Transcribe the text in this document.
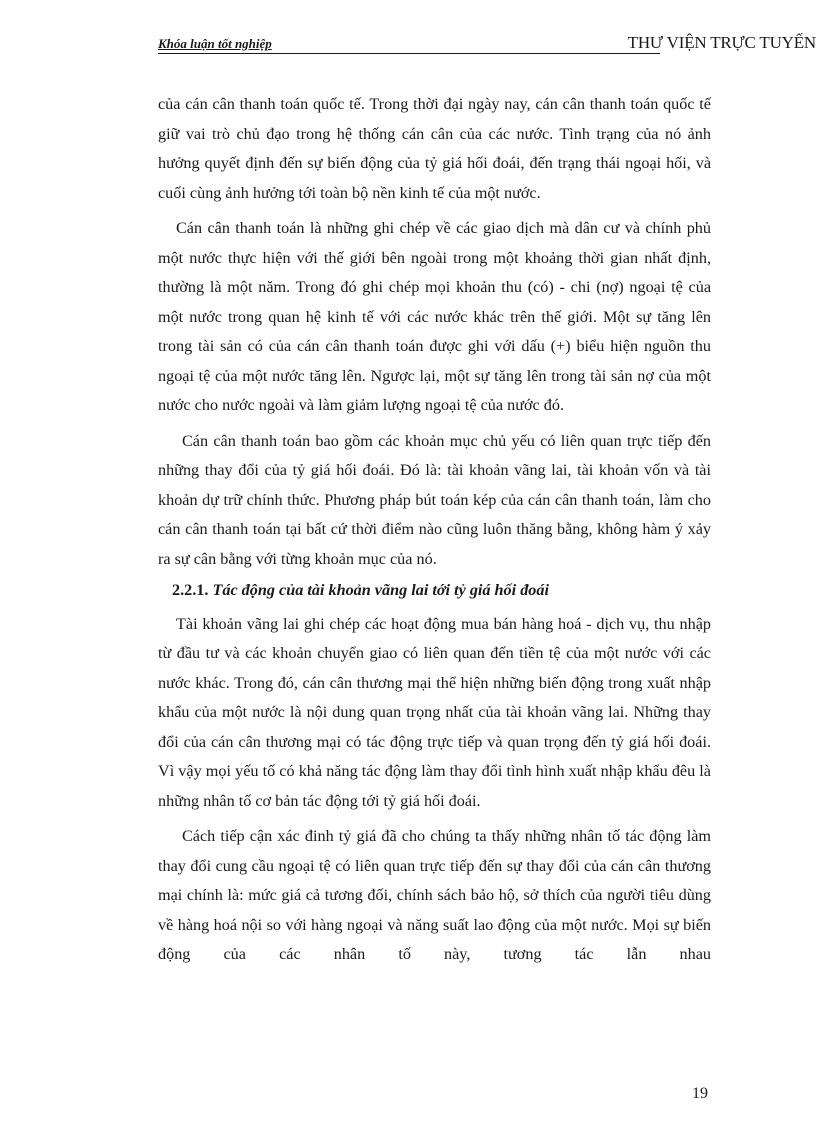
Khóa luận tốt nghiệp	THƯ VIỆN TRỰC TUYẾN

của cán cân thanh toán quốc tế. Trong thời đại ngày nay, cán cân thanh toán quốc tế giữ vai trò chủ đạo trong hệ thống cán cân của các nước. Tình trạng của nó ảnh hưởng quyết định đến sự biến động của tỷ giá hối đoái, đến trạng thái ngoại hối, và cuối cùng ảnh hưởng tới toàn bộ nền kinh tế của một nước.

Cán cân thanh toán là những ghi chép về các giao dịch mà dân cư và chính phủ một nước thực hiện với thế giới bên ngoài trong một khoảng thời gian nhất định, thường là một năm. Trong đó ghi chép mọi khoản thu (có) - chi (nợ) ngoại tệ của một nước trong quan hệ kinh tế với các nước khác trên thế giới. Một sự tăng lên trong tài sản có của cán cân thanh toán được ghi với dấu (+) biểu hiện nguồn thu ngoại tệ của một nước tăng lên. Ngược lại, một sự tăng lên trong tài sản nợ của một nước cho nước ngoài và làm giảm lượng ngoại tệ của nước đó.

Cán cân thanh toán bao gồm các khoản mục chủ yếu có liên quan trực tiếp đến những thay đổi của tỷ giá hối đoái. Đó là: tài khoản vãng lai, tài khoản vốn và tài khoản dự trữ chính thức. Phương pháp bút toán kép của cán cân thanh toán, làm cho cán cân thanh toán tại bất cứ thời điểm nào cũng luôn thăng bằng, không hàm ý xảy ra sự cân bằng với từng khoản mục của nó.

2.2.1. Tác động của tài khoản vãng lai tới tỷ giá hối đoái

Tài khoản vãng lai ghi chép các hoạt động mua bán hàng hoá - dịch vụ, thu nhập từ đầu tư và các khoản chuyển giao có liên quan đến tiền tệ của một nước với các nước khác. Trong đó, cán cân thương mại thể hiện những biến động trong xuất nhập khẩu của một nước là nội dung quan trọng nhất của tài khoản vãng lai. Những thay đổi của cán cân thương mại có tác động trực tiếp và quan trọng đến tỷ giá hối đoái. Vì vậy mọi yếu tố có khả năng tác động làm thay đổi tình hình xuất nhập khẩu đêu là những nhân tố cơ bản tác động tới tỷ giá hối đoái.

Cách tiếp cận xác đinh tỷ giá đã cho chúng ta thấy những nhân tố tác động làm thay đổi cung cầu ngoại tệ có liên quan trực tiếp đến sự thay đổi của cán cân thương mại chính là: mức giá cả tương đối, chính sách bảo hộ, sở thích của người tiêu dùng về hàng hoá nội so với hàng ngoại và năng suất lao động của một nước. Mọi sự biến động của các nhân tố này, tương tác lẫn nhau

19
